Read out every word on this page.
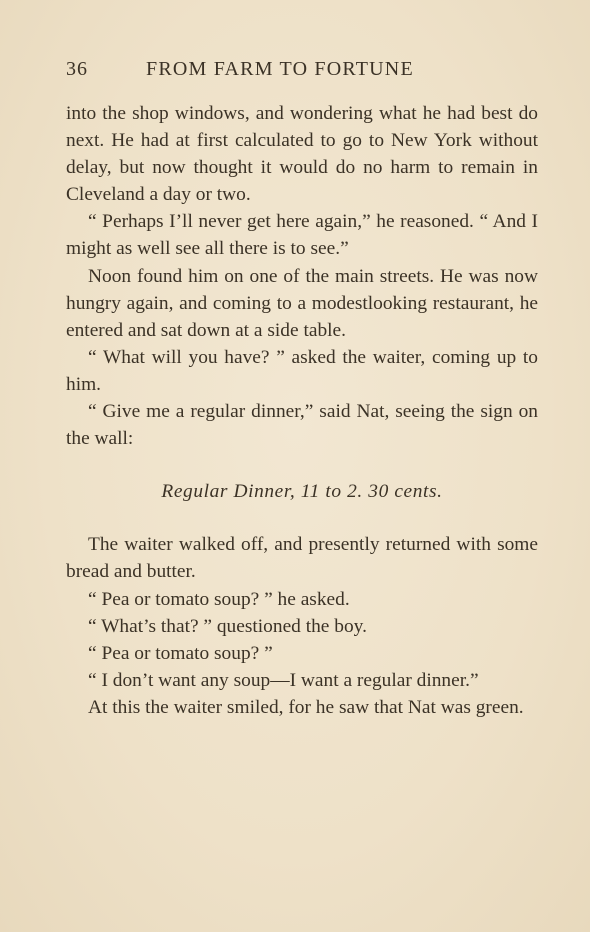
36	FROM FARM TO FORTUNE

into the shop windows, and wondering what he had best do next. He had at first calculated to go to New York without delay, but now thought it would do no harm to remain in Cleveland a day or two.

“ Perhaps I’ll never get here again,” he reasoned. “ And I might as well see all there is to see.”

Noon found him on one of the main streets. He was now hungry again, and coming to a modestlooking restaurant, he entered and sat down at a side table.

“ What will you have? ” asked the waiter, coming up to him.

“ Give me a regular dinner,” said Nat, seeing the sign on the wall:

Regular Dinner, 11 to 2. 30 cents.

The waiter walked off, and presently returned with some bread and butter.

“ Pea or tomato soup? ” he asked.

“ What’s that? ” questioned the boy.

“ Pea or tomato soup? ”

“ I don’t want any soup—I want a regular dinner.”

At this the waiter smiled, for he saw that Nat was green.
